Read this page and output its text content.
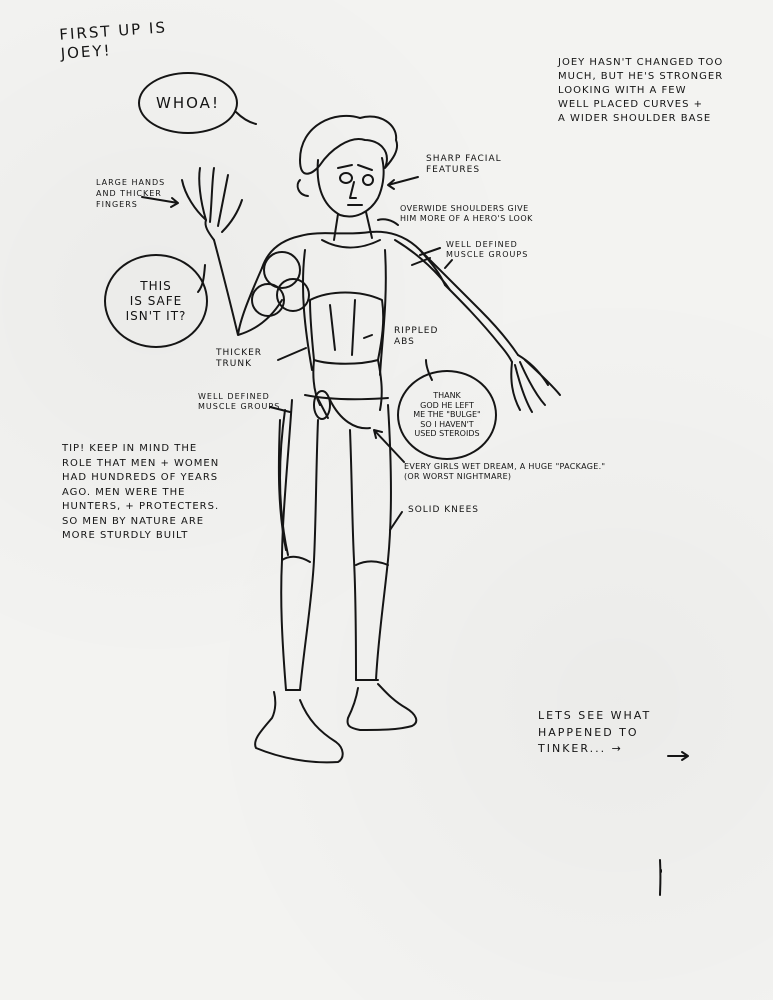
FIRST UP IS
JOEY!
WHOA!
THIS
IS SAFE
ISN'T IT?
THANK
GOD HE LEFT
ME THE "BULGE"
SO I HAVEN'T
USED STEROIDS
JOEY HASN'T CHANGED TOO
MUCH, BUT HE'S STRONGER
LOOKING WITH A FEW
WELL PLACED CURVES +
A WIDER SHOULDER BASE
LARGE HANDS
AND THICKER
FINGERS
SHARP FACIAL
FEATURES
OVERWIDE SHOULDERS GIVE
HIM MORE OF A HERO'S LOOK
WELL DEFINED
MUSCLE GROUPS
RIPPLED
ABS
THICKER
TRUNK
WELL DEFINED
MUSCLE GROUPS
EVERY GIRLS WET DREAM, A HUGE "PACKAGE."
(OR WORST NIGHTMARE)
SOLID KNEES
TIP! KEEP IN MIND THE
ROLE THAT MEN + WOMEN
HAD HUNDREDS OF YEARS
AGO. MEN WERE THE
HUNTERS, + PROTECTERS.
SO MEN BY NATURE ARE
MORE STURDLY BUILT
LETS SEE WHAT
HAPPENED TO
TINKER... →
